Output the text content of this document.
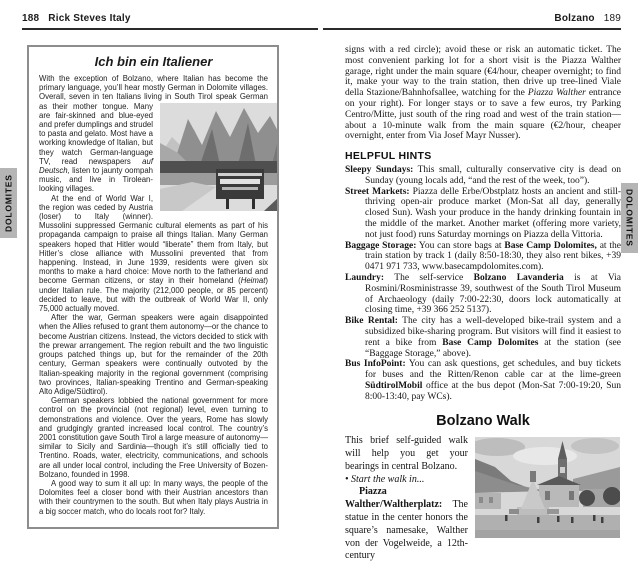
188 Rick Steves Italy
DOLOMITES
Ich bin ein Italiener

With the exception of Bolzano, where Italian has become the primary language, you’ll hear mostly German in Dolomite villages. Overall, seven in ten Italians living in South Tirol speak German as their mother tongue. Many are fair-skinned and blue-eyed and prefer dumplings and strudel to pasta and gelato. Most have a working knowledge of Italian, but they watch German-language TV, read newspapers auf Deutsch, listen to jaunty oompah music, and live in Tirolean-looking villages.

At the end of World War I, the region was ceded by Austria (loser) to Italy (winner). Mussolini suppressed Germanic cultural elements as part of his propaganda campaign to praise all things Italian. Many German speakers hoped that Hitler would “liberate” them from Italy, but Hitler’s close alliance with Mussolini prevented that from happening. Instead, in June 1939, residents were given six months to make a hard choice: Move north to the fatherland and become German citizens, or stay in their homeland (Heimat) under Italian rule. The majority (212,000 people, or 85 percent) decided to leave, but with the outbreak of World War II, only 75,000 actually moved.

After the war, German speakers were again disappointed when the Allies refused to grant them autonomy—or the chance to become Austrian citizens. Instead, the victors decided to stick with the prewar arrangement. The region rebuilt and the two linguistic groups patched things up, but for the remainder of the 20th century, German speakers were continually outvoted by the Italian-speaking majority in the regional government (comprising two provinces, Italian-speaking Trentino and German-speaking Alto Adige/Südtirol).

German speakers lobbied the national government for more control on the provincial (not regional) level, even turning to demonstrations and violence. Over the years, Rome has slowly and grudgingly granted increased local control. The country’s 2001 constitution gave South Tirol a large measure of autonomy—similar to Sicily and Sardinia—though it’s still officially tied to Trentino. Roads, water, electricity, communications, and schools are all under local control, including the Free University of Bozen-Bolzano, founded in 1998.

A good way to sum it all up: In many ways, the people of the Dolomites feel a closer bond with their Austrian ancestors than with their countrymen to the south. But when Italy plays Austria in a big soccer match, who do locals root for? Italy.

Bolzano 189
DOLOMITES

signs with a red circle); avoid these or risk an automatic ticket. The most convenient parking lot for a short visit is the Piazza Walther garage, right under the main square (€4/hour, cheaper overnight; to find it, make your way to the train station, then drive up tree-lined Viale della Stazione/Bahnhofsallee, watching for the Piazza Walther entrance on your right). For longer stays or to save a few euros, try Parking Centro/Mitte, just south of the ring road and west of the train station—about a 10-minute walk from the main square (€2/hour, cheaper overnight, enter from Via Josef Mayr Nusser).

HELPFUL HINTS

Sleepy Sundays: This small, culturally conservative city is dead on Sunday (young locals add, “and the rest of the week, too”).

Street Markets: Piazza delle Erbe/Obstplatz hosts an ancient and still-thriving open-air produce market (Mon-Sat all day, generally closed Sun). Wash your produce in the handy drinking fountain in the middle of the market. Another market (offering more variety, not just food) runs Saturday mornings on Piazza della Vittoria.

Baggage Storage: You can store bags at Base Camp Dolomites, at the train station by track 1 (daily 8:50-18:30, they also rent bikes, +39 0471 971 733, www.basecampdolomites.com).

Laundry: The self-service Bolzano Lavanderia is at Via Rosmini/Rosministrasse 39, southwest of the South Tirol Museum of Archaeology (daily 7:00-22:30, doors lock automatically at closing time, +39 366 252 5137).

Bike Rental: The city has a well-developed bike-trail system and a subsidized bike-sharing program. But visitors will find it easiest to rent a bike from Base Camp Dolomites at the station (see “Baggage Storage,” above).

Bus InfoPoint: You can ask questions, get schedules, and buy tickets for buses and the Ritten/Renon cable car at the lime-green SüdtirolMobil office at the bus depot (Mon-Sat 7:00-19:20, Sun 8:00-13:40, pay WCs).

Bolzano Walk

This brief self-guided walk will help you get your bearings in central Bolzano.

• Start the walk in...

Piazza Walther/Waltherplatz: The statue in the center honors the square’s namesake, Walther von der Vogelweide, a 12th-century
